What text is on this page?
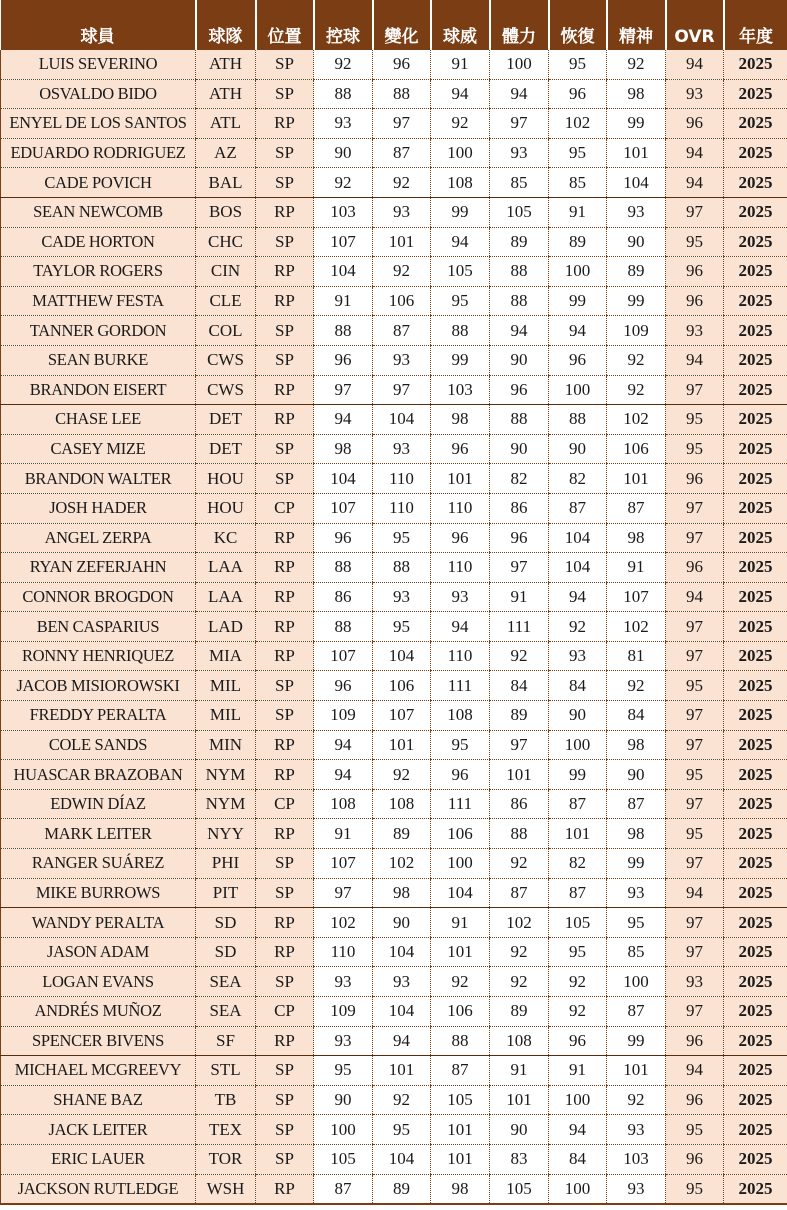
球員	球隊	位置	控球	變化	球威	體力	恢復	精神	OVR	年度
LUIS SEVERINO	ATH	SP	92	96	91	100	95	92	94	2025
OSVALDO BIDO	ATH	SP	88	88	94	94	96	98	93	2025
ENYEL DE LOS SANTOS	ATL	RP	93	97	92	97	102	99	96	2025
EDUARDO RODRIGUEZ	AZ	SP	90	87	100	93	95	101	94	2025
CADE POVICH	BAL	SP	92	92	108	85	85	104	94	2025
SEAN NEWCOMB	BOS	RP	103	93	99	105	91	93	97	2025
CADE HORTON	CHC	SP	107	101	94	89	89	90	95	2025
TAYLOR ROGERS	CIN	RP	104	92	105	88	100	89	96	2025
MATTHEW FESTA	CLE	RP	91	106	95	88	99	99	96	2025
TANNER GORDON	COL	SP	88	87	88	94	94	109	93	2025
SEAN BURKE	CWS	SP	96	93	99	90	96	92	94	2025
BRANDON EISERT	CWS	RP	97	97	103	96	100	92	97	2025
CHASE LEE	DET	RP	94	104	98	88	88	102	95	2025
CASEY MIZE	DET	SP	98	93	96	90	90	106	95	2025
BRANDON WALTER	HOU	SP	104	110	101	82	82	101	96	2025
JOSH HADER	HOU	CP	107	110	110	86	87	87	97	2025
ANGEL ZERPA	KC	RP	96	95	96	96	104	98	97	2025
RYAN ZEFERJAHN	LAA	RP	88	88	110	97	104	91	96	2025
CONNOR BROGDON	LAA	RP	86	93	93	91	94	107	94	2025
BEN CASPARIUS	LAD	RP	88	95	94	111	92	102	97	2025
RONNY HENRIQUEZ	MIA	RP	107	104	110	92	93	81	97	2025
JACOB MISIOROWSKI	MIL	SP	96	106	111	84	84	92	95	2025
FREDDY PERALTA	MIL	SP	109	107	108	89	90	84	97	2025
COLE SANDS	MIN	RP	94	101	95	97	100	98	97	2025
HUASCAR BRAZOBAN	NYM	RP	94	92	96	101	99	90	95	2025
EDWIN DÍAZ	NYM	CP	108	108	111	86	87	87	97	2025
MARK LEITER	NYY	RP	91	89	106	88	101	98	95	2025
RANGER SUÁREZ	PHI	SP	107	102	100	92	82	99	97	2025
MIKE BURROWS	PIT	SP	97	98	104	87	87	93	94	2025
WANDY PERALTA	SD	RP	102	90	91	102	105	95	97	2025
JASON ADAM	SD	RP	110	104	101	92	95	85	97	2025
LOGAN EVANS	SEA	SP	93	93	92	92	92	100	93	2025
ANDRÉS MUÑOZ	SEA	CP	109	104	106	89	92	87	97	2025
SPENCER BIVENS	SF	RP	93	94	88	108	96	99	96	2025
MICHAEL MCGREEVY	STL	SP	95	101	87	91	91	101	94	2025
SHANE BAZ	TB	SP	90	92	105	101	100	92	96	2025
JACK LEITER	TEX	SP	100	95	101	90	94	93	95	2025
ERIC LAUER	TOR	SP	105	104	101	83	84	103	96	2025
JACKSON RUTLEDGE	WSH	RP	87	89	98	105	100	93	95	2025
